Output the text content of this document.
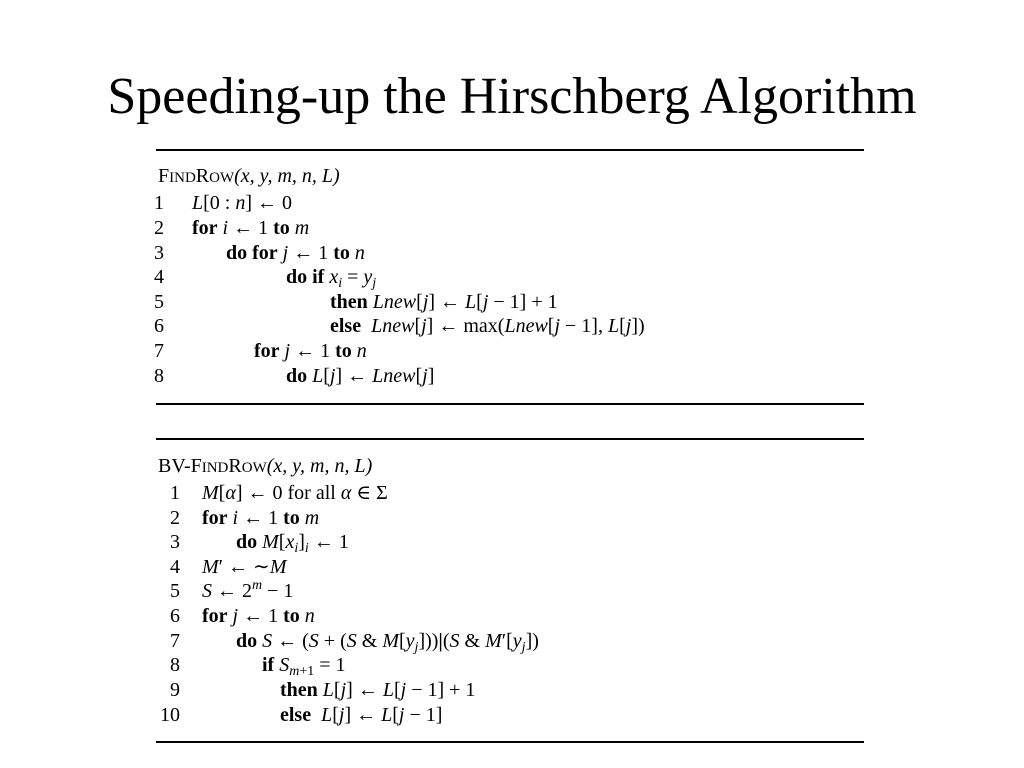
Speeding-up the Hirschberg Algorithm
FINDROW(x, y, m, n, L)
1 L[0 : n] ← 0
2 for i ← 1 to m
3	do for j ← 1 to n
4	do if $x_i = y_j$
5	then Lnew[j] ← L[j − 1] + 1
6	else Lnew[j] ← max(Lnew[j − 1], L[j])
7	for j ← 1 to n
8	do L[j] ← Lnew[j]
BV-FINDROW(x, y, m, n, L)
1 M[α] ← 0 for all α ∈ Σ
2 for i ← 1 to m
3	do $M[x_i]_i$ ← 1
4 M′ ← ∼M
5 S ← $2^m - 1$
6 for j ← 1 to n
7	do S ← (S + (S & $M[y_j]))|(S$ & $M'[y_j]$)
8	if $S_{m+1} = 1$
9	then L[j] ← L[j − 1] + 1
10	else L[j] ← L[j − 1]
